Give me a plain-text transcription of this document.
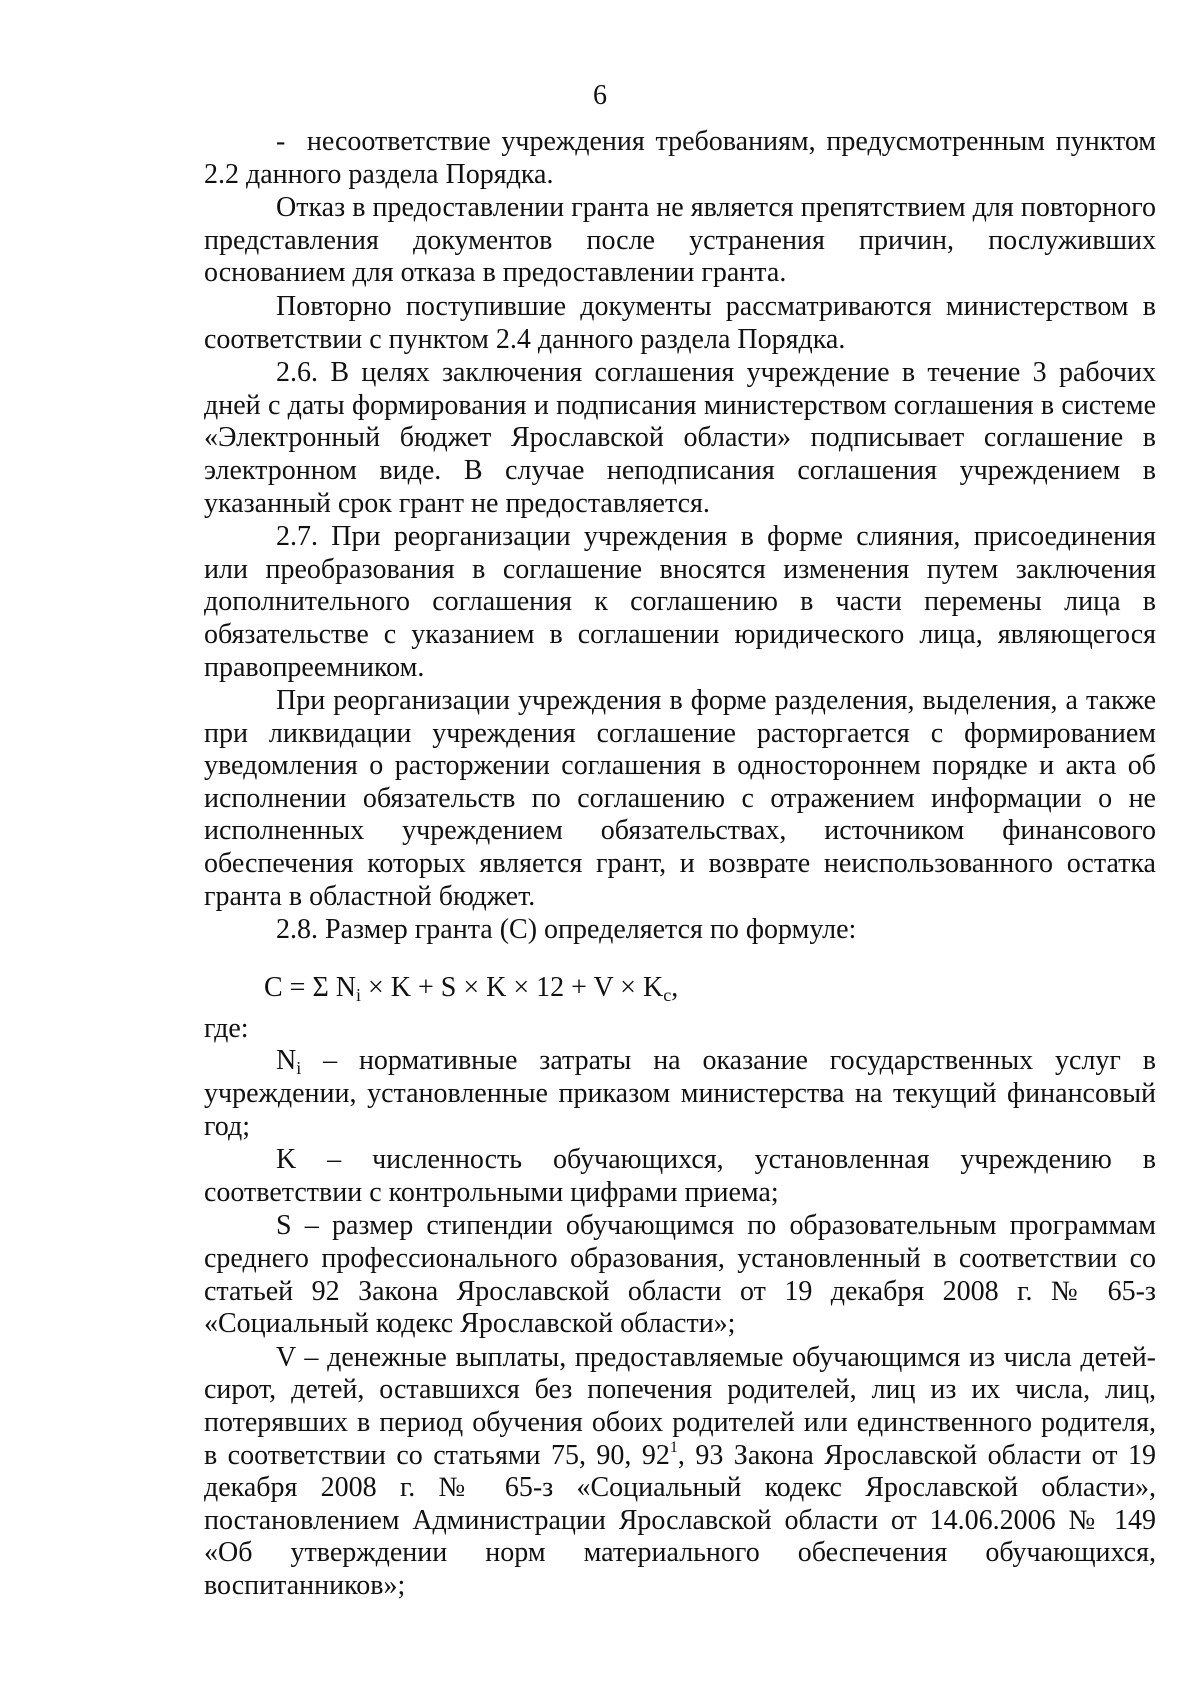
6

-  несоответствие учреждения требованиям, предусмотренным пунктом 2.2 данного раздела Порядка.

Отказ в предоставлении гранта не является препятствием для повторного представления документов после устранения причин, послуживших основанием для отказа в предоставлении гранта.

Повторно поступившие документы рассматриваются министерством в соответствии с пунктом 2.4 данного раздела Порядка.

2.6. В целях заключения соглашения учреждение в течение 3 рабочих дней с даты формирования и подписания министерством соглашения в системе «Электронный бюджет Ярославской области» подписывает соглашение в электронном виде. В случае неподписания соглашения учреждением в указанный срок грант не предоставляется.

2.7. При реорганизации учреждения в форме слияния, присоединения или преобразования в соглашение вносятся изменения путем заключения дополнительного соглашения к соглашению в части перемены лица в обязательстве с указанием в соглашении юридического лица, являющегося правопреемником.

При реорганизации учреждения в форме разделения, выделения, а также при ликвидации учреждения соглашение расторгается с формированием уведомления о расторжении соглашения в одностороннем порядке и акта об исполнении обязательств по соглашению с отражением информации о не исполненных учреждением обязательствах, источником финансового обеспечения которых является грант, и возврате неиспользованного остатка гранта в областной бюджет.

2.8. Размер гранта (С) определяется по формуле:

С = Σ $N_i \times K + S \times K \times 12 + V \times K_c$,

где:

$N_i$ – нормативные затраты на оказание государственных услуг в учреждении, установленные приказом министерства на текущий финансовый год;

K – численность обучающихся, установленная учреждению в соответствии с контрольными цифрами приема;

S – размер стипендии обучающимся по образовательным программам среднего профессионального образования, установленный в соответствии со статьей 92 Закона Ярославской области от 19 декабря 2008 г. № 65-з «Социальный кодекс Ярославской области»;

V – денежные выплаты, предоставляемые обучающимся из числа детей-сирот, детей, оставшихся без попечения родителей, лиц из их числа, лиц, потерявших в период обучения обоих родителей или единственного родителя, в соответствии со статьями 75, 90, $92^1$, 93 Закона Ярославской области от 19 декабря 2008 г. № 65-з «Социальный кодекс Ярославской области», постановлением Администрации Ярославской области от 14.06.2006 № 149 «Об утверждении норм материального обеспечения обучающихся, воспитанников»;
